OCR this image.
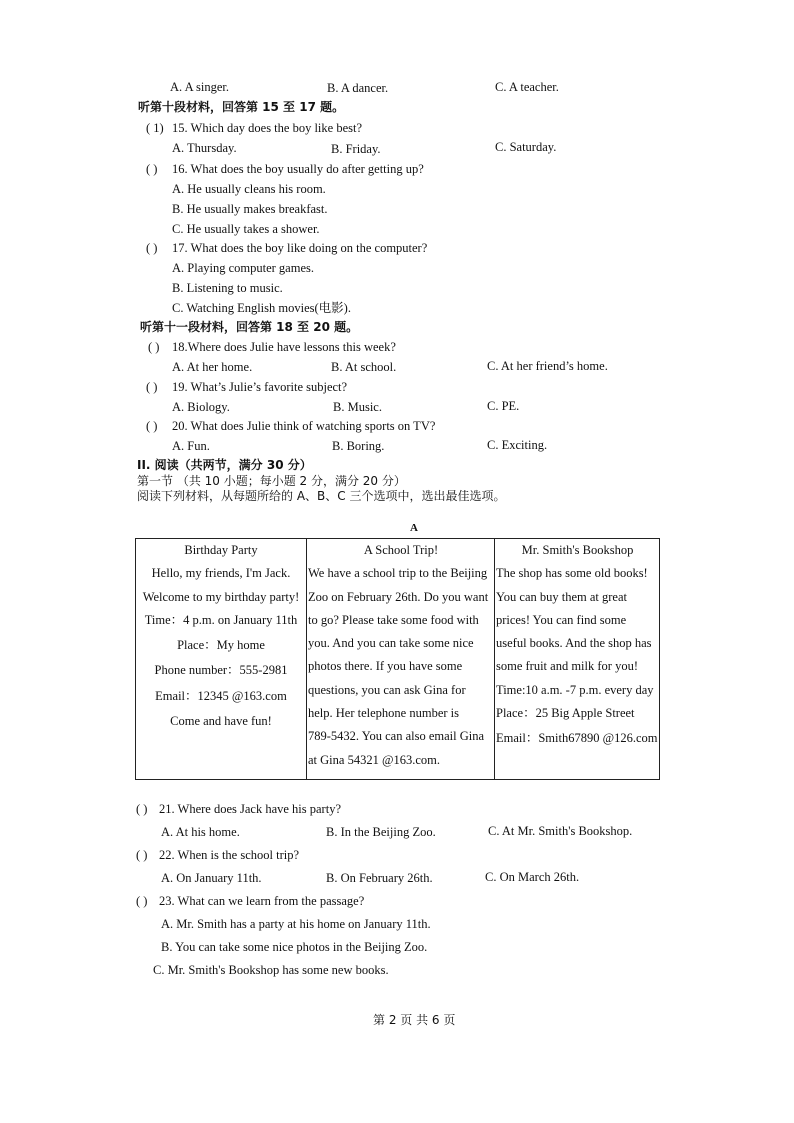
A. A singer.	B. A dancer.	C. A teacher.
听第十段材料，回答第 15 至 17 题。
( 1) 15. Which day does the boy like best?
A. Thursday.	B. Friday.	C. Saturday.
( ) 16. What does the boy usually do after getting up?
A. He usually cleans his room.
B. He usually makes breakfast.
C. He usually takes a shower.
( ) 17. What does the boy like doing on the computer?
A. Playing computer games.
B. Listening to music.
C. Watching English movies(电影).
听第十一段材料，回答第 18 至 20 题。
( ) 18.Where does Julie have lessons this week?
A. At her home.	B. At school.	C. At her friend’s home.
( ) 19. What’s Julie’s favorite subject?
A. Biology.	B. Music.	C. PE.
( ) 20. What does Julie think of watching sports on TV?
A. Fun.	B. Boring.	C. Exciting.
II. 阅读（共两节，满分 30 分）
第一节 （共 10 小题；每小题 2 分，满分 20 分）
阅读下列材料，从每题所给的 A、B、C 三个选项中，选出最佳选项。
A
Birthday Party
Hello, my friends, I'm Jack.
Welcome to my birthday party!
Time：4 p.m. on January 11th
Place：My home
Phone number：555-2981
Email：12345 @163.com
Come and have fun!

A School Trip!
We have a school trip to the Beijing
Zoo on February 26th. Do you want
to go? Please take some food with
you. And you can take some nice
photos there. If you have some
questions, you can ask Gina for
help. Her telephone number is
789-5432. You can also email Gina
at Gina 54321 @163.com.

Mr. Smith's Bookshop
The shop has some old books!
You can buy them at great
prices! You can find some
useful books. And the shop has
some fruit and milk for you!
Time:10 a.m. -7 p.m. every day
Place：25 Big Apple Street
Email：Smith67890 @126.com
( ) 21. Where does Jack have his party?
A. At his home.	B. In the Beijing Zoo.	C. At Mr. Smith's Bookshop.
( ) 22. When is the school trip?
A. On January 11th.	B. On February 26th.	C. On March 26th.
( ) 23. What can we learn from the passage?
A. Mr. Smith has a party at his home on January 11th.
B. You can take some nice photos in the Beijing Zoo.
C. Mr. Smith's Bookshop has some new books.
第 2 页 共 6 页
